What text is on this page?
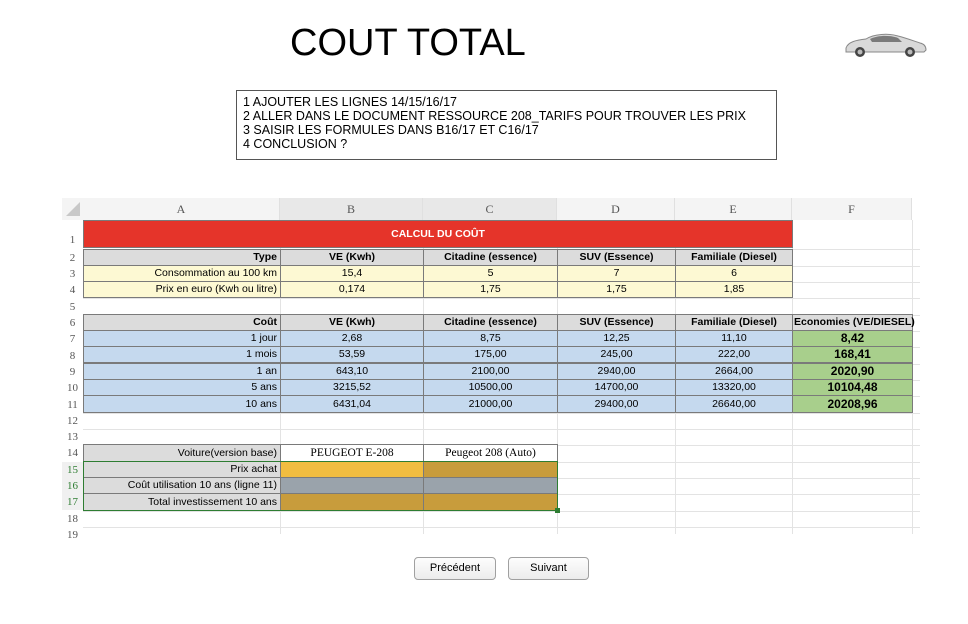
COUT TOTAL
1 AJOUTER LES LIGNES 14/15/16/17
2 ALLER DANS LE DOCUMENT RESSOURCE 208_TARIFS POUR TROUVER LES PRIX
3 SAISIR LES FORMULES DANS B16/17 ET C16/17
4 CONCLUSION ?
A	B	C	D	E	F
1
2
3
4
5
6
7
8
9
10
11
12
13
14
15
16
17
18
19
CALCUL DU COÛT
Type	VE (Kwh)	Citadine (essence)	SUV (Essence)	Familiale (Diesel)
Consommation au 100 km	15,4	5	7	6
Prix en euro (Kwh ou litre)	0,174	1,75	1,75	1,85
Coût	VE (Kwh)	Citadine (essence)	SUV (Essence)	Familiale (Diesel)	Economies (VE/DIESEL)
1 jour	2,68	8,75	12,25	11,10	8,42
1 mois	53,59	175,00	245,00	222,00	168,41
1 an	643,10	2100,00	2940,00	2664,00	2020,90
5 ans	3215,52	10500,00	14700,00	13320,00	10104,48
10 ans	6431,04	21000,00	29400,00	26640,00	20208,96
Voiture(version base)	PEUGEOT E-208	Peugeot 208 (Auto)
Prix achat
Coût utilisation 10 ans (ligne 11)
Total investissement 10 ans
Précédent	Suivant
